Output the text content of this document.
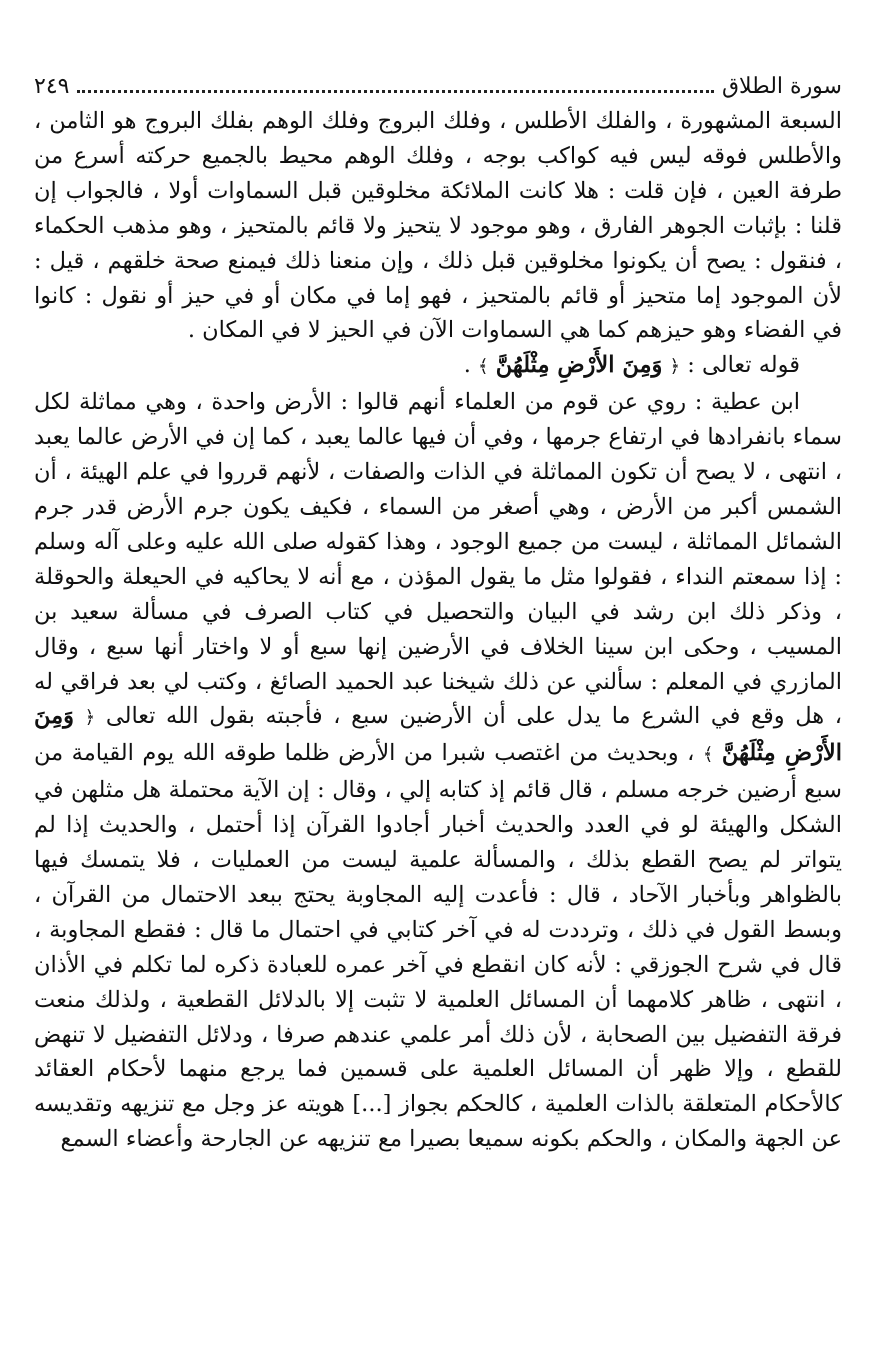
سورة الطلاق
٢٤٩

السبعة المشهورة ، والفلك الأطلس ، وفلك البروج وفلك الوهم بفلك البروج هو الثامن ، والأطلس فوقه ليس فيه كواكب بوجه ، وفلك الوهم محيط بالجميع حركته أسرع من طرفة العين ، فإن قلت : هلا كانت الملائكة مخلوقين قبل السماوات أولا ، فالجواب إن قلنا : بإثبات الجوهر الفارق ، وهو موجود لا يتحيز ولا قائم بالمتحيز ، وهو مذهب الحكماء ، فنقول : يصح أن يكونوا مخلوقين قبل ذلك ، وإن منعنا ذلك فيمنع صحة خلقهم ، قيل : لأن الموجود إما متحيز أو قائم بالمتحيز ، فهو إما في مكان أو في حيز أو نقول : كانوا في الفضاء وهو حيزهم كما هي السماوات الآن في الحيز لا في المكان .

قوله تعالى : ﴿ وَمِنَ الأَرْضِ مِثْلَهُنَّ ﴾ .

ابن عطية : روي عن قوم من العلماء أنهم قالوا : الأرض واحدة ، وهي مماثلة لكل سماء بانفرادها في ارتفاع جرمها ، وفي أن فيها عالما يعبد ، كما إن في الأرض عالما يعبد ، انتهى ، لا يصح أن تكون المماثلة في الذات والصفات ، لأنهم قرروا في علم الهيئة ، أن الشمس أكبر من الأرض ، وهي أصغر من السماء ، فكيف يكون جرم الأرض قدر جرم الشمائل المماثلة ، ليست من جميع الوجود ، وهذا كقوله صلى الله عليه وعلى آله وسلم : إذا سمعتم النداء ، فقولوا مثل ما يقول المؤذن ، مع أنه لا يحاكيه في الحيعلة والحوقلة ، وذكر ذلك ابن رشد في البيان والتحصيل في كتاب الصرف في مسألة سعيد بن المسيب ، وحكى ابن سينا الخلاف في الأرضين إنها سبع أو لا واختار أنها سبع ، وقال المازري في المعلم : سألني عن ذلك شيخنا عبد الحميد الصائغ ، وكتب لي بعد فراقي له ، هل وقع في الشرع ما يدل على أن الأرضين سبع ، فأجبته بقول الله تعالى ﴿ وَمِنَ الأَرْضِ مِثْلَهُنَّ ﴾ ، وبحديث من اغتصب شبرا من الأرض ظلما طوقه الله يوم القيامة من سبع أرضين خرجه مسلم ، قال قائم إذ كتابه إلي ، وقال : إن الآية محتملة هل مثلهن في الشكل والهيئة لو في العدد والحديث أخبار أجادوا القرآن إذا أحتمل ، والحديث إذا لم يتواتر لم يصح القطع بذلك ، والمسألة علمية ليست من العمليات ، فلا يتمسك فيها بالظواهر وبأخبار الآحاد ، قال : فأعدت إليه المجاوبة يحتج ببعد الاحتمال من القرآن ، وبسط القول في ذلك ، وترددت له في آخر كتابي في احتمال ما قال : فقطع المجاوبة ، قال في شرح الجوزقي : لأنه كان انقطع في آخر عمره للعبادة ذكره لما تكلم في الأذان ، انتهى ، ظاهر كلامهما أن المسائل العلمية لا تثبت إلا بالدلائل القطعية ، ولذلك منعت فرقة التفضيل بين الصحابة ، لأن ذلك أمر علمي عندهم صرفا ، ودلائل التفضيل لا تنهض للقطع ، وإلا ظهر أن المسائل العلمية على قسمين فما يرجع منهما لأحكام العقائد كالأحكام المتعلقة بالذات العلمية ، كالحكم بجواز [...] هويته عز وجل مع تنزيهه وتقديسه عن الجهة والمكان ، والحكم بكونه سميعا بصيرا مع تنزيهه عن الجارحة وأعضاء السمع
